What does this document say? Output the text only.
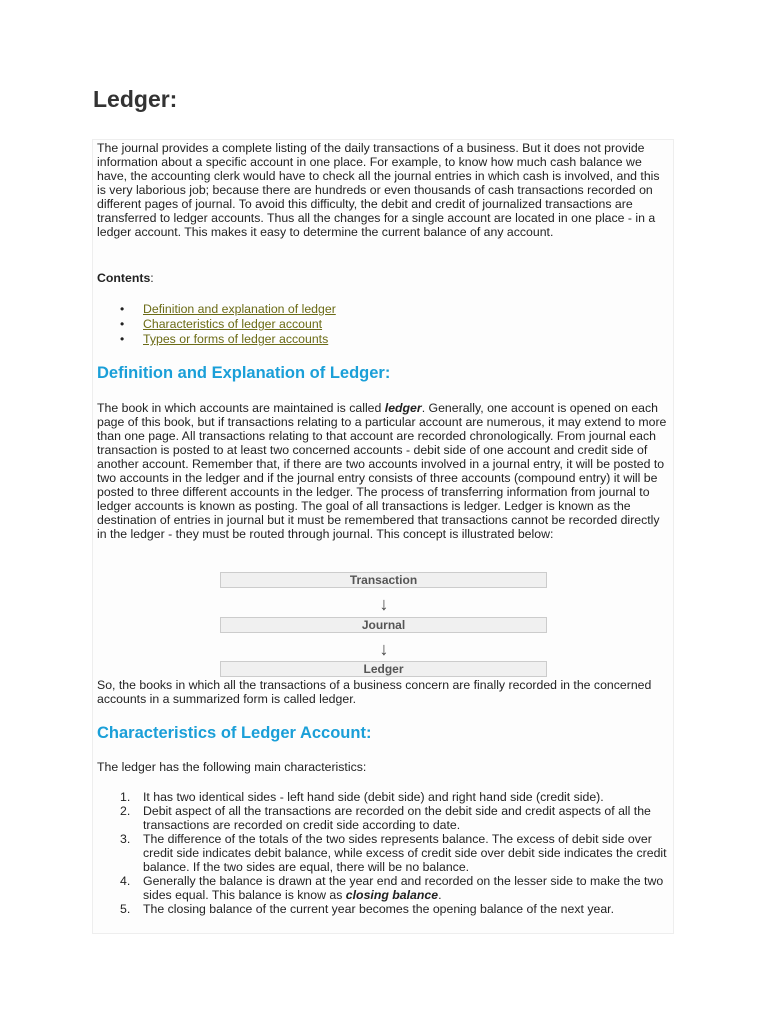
Ledger:

The journal provides a complete listing of the daily transactions of a business. But it does not provide information about a specific account in one place. For example, to know how much cash balance we have, the accounting clerk would have to check all the journal entries in which cash is involved, and this is very laborious job; because there are hundreds or even thousands of cash transactions recorded on different pages of journal. To avoid this difficulty, the debit and credit of journalized transactions are transferred to ledger accounts. Thus all the changes for a single account are located in one place - in a ledger account. This makes it easy to determine the current balance of any account.

Contents:
• Definition and explanation of ledger
• Characteristics of ledger account
• Types or forms of ledger accounts
Definition and Explanation of Ledger:

The book in which accounts are maintained is called ledger. Generally, one account is opened on each page of this book, but if transactions relating to a particular account are numerous, it may extend to more than one page. All transactions relating to that account are recorded chronologically. From journal each transaction is posted to at least two concerned accounts - debit side of one account and credit side of another account. Remember that, if there are two accounts involved in a journal entry, it will be posted to two accounts in the ledger and if the journal entry consists of three accounts (compound entry) it will be posted to three different accounts in the ledger. The process of transferring information from journal to ledger accounts is known as posting. The goal of all transactions is ledger. Ledger is known as the destination of entries in journal but it must be remembered that transactions cannot be recorded directly in the ledger - they must be routed through journal. This concept is illustrated below:

Transaction
↓
Journal
↓
Ledger

So, the books in which all the transactions of a business concern are finally recorded in the concerned accounts in a summarized form is called ledger.

Characteristics of Ledger Account:

The ledger has the following main characteristics:

1. It has two identical sides - left hand side (debit side) and right hand side (credit side).
2. Debit aspect of all the transactions are recorded on the debit side and credit aspects of all the transactions are recorded on credit side according to date.
3. The difference of the totals of the two sides represents balance. The excess of debit side over credit side indicates debit balance, while excess of credit side over debit side indicates the credit balance. If the two sides are equal, there will be no balance.
4. Generally the balance is drawn at the year end and recorded on the lesser side to make the two sides equal. This balance is know as closing balance.
5. The closing balance of the current year becomes the opening balance of the next year.
